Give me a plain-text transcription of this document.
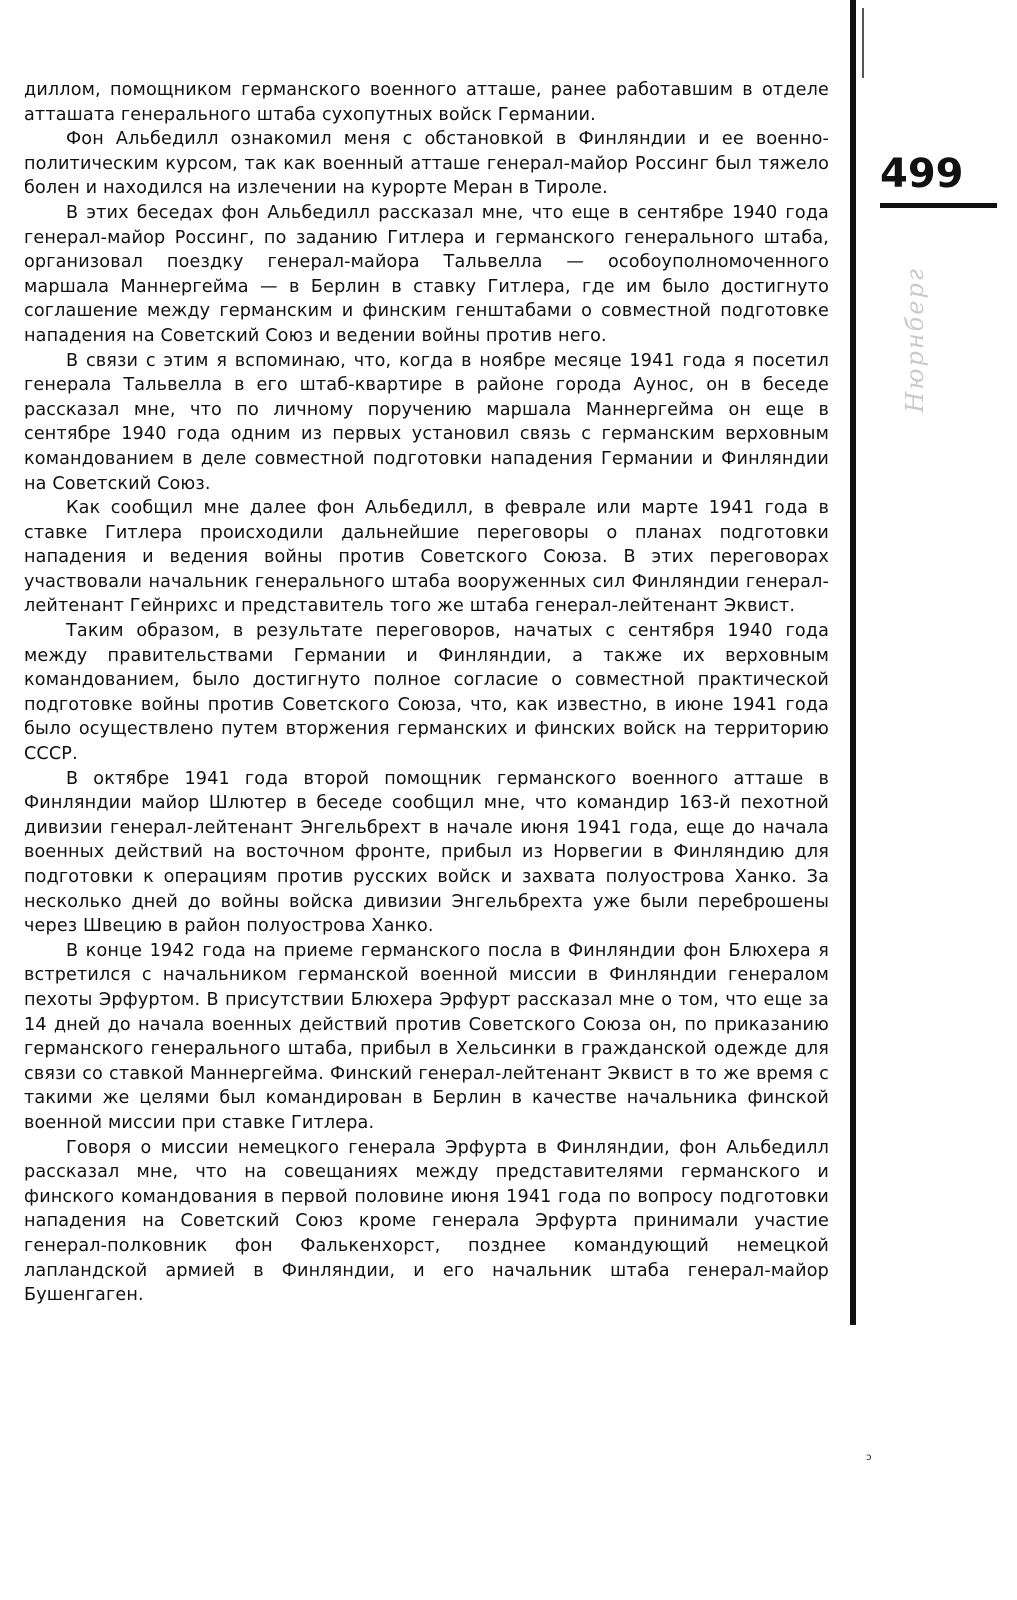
диллом, помощником германского военного атташе, ранее работавшим в отделе атташата генерального штаба сухопутных войск Германии.

Фон Альбедилл ознакомил меня с обстановкой в Финляндии и ее военно-политическим курсом, так как военный атташе генерал-майор Россинг был тяжело болен и находился на излечении на курорте Меран в Тироле.

В этих беседах фон Альбедилл рассказал мне, что еще в сентябре 1940 года генерал-майор Россинг, по заданию Гитлера и германского генерального штаба, организовал поездку генерал-майора Тальвелла — особоуполномоченного маршала Маннергейма — в Берлин в ставку Гитлера, где им было достигнуто соглашение между германским и финским генштабами о совместной подготовке нападения на Советский Союз и ведении войны против него.

В связи с этим я вспоминаю, что, когда в ноябре месяце 1941 года я посетил генерала Тальвелла в его штаб-квартире в районе города Аунос, он в беседе рассказал мне, что по личному поручению маршала Маннергейма он еще в сентябре 1940 года одним из первых установил связь с германским верховным командованием в деле совместной подготовки нападения Германии и Финляндии на Советский Союз.

Как сообщил мне далее фон Альбедилл, в феврале или марте 1941 года в ставке Гитлера происходили дальнейшие переговоры о планах подготовки нападения и ведения войны против Советского Союза. В этих переговорах участвовали начальник генерального штаба вооруженных сил Финляндии генерал-лейтенант Гейнрихс и представитель того же штаба генерал-лейтенант Эквист.

Таким образом, в результате переговоров, начатых с сентября 1940 года между правительствами Германии и Финляндии, а также их верховным командованием, было достигнуто полное согласие о совместной практической подготовке войны против Советского Союза, что, как известно, в июне 1941 года было осуществлено путем вторжения германских и финских войск на территорию СССР.

В октябре 1941 года второй помощник германского военного атташе в Финляндии майор Шлютер в беседе сообщил мне, что командир 163-й пехотной дивизии генерал-лейтенант Энгельбрехт в начале июня 1941 года, еще до начала военных действий на восточном фронте, прибыл из Норвегии в Финляндию для подготовки к операциям против русских войск и захвата полуострова Ханко. За несколько дней до войны войска дивизии Энгельбрехта уже были переброшены через Швецию в район полуострова Ханко.

В конце 1942 года на приеме германского посла в Финляндии фон Блюхера я встретился с начальником германской военной миссии в Финляндии генералом пехоты Эрфуртом. В присутствии Блюхера Эрфурт рассказал мне о том, что еще за 14 дней до начала военных действий против Советского Союза он, по приказанию германского генерального штаба, прибыл в Хельсинки в гражданской одежде для связи со ставкой Маннергейма. Финский генерал-лейтенант Эквист в то же время с такими же целями был командирован в Берлин в качестве начальника финской военной миссии при ставке Гитлера.

Говоря о миссии немецкого генерала Эрфурта в Финляндии, фон Альбедилл рассказал мне, что на совещаниях между представителями германского и финского командования в первой половине июня 1941 года по вопросу подготовки нападения на Советский Союз кроме генерала Эрфурта принимали участие генерал-полковник фон Фалькенхорст, позднее командующий немецкой лапландской армией в Финляндии, и его начальник штаба генерал-майор Бушенгаген.

499
Нюрнберг
ɔ
